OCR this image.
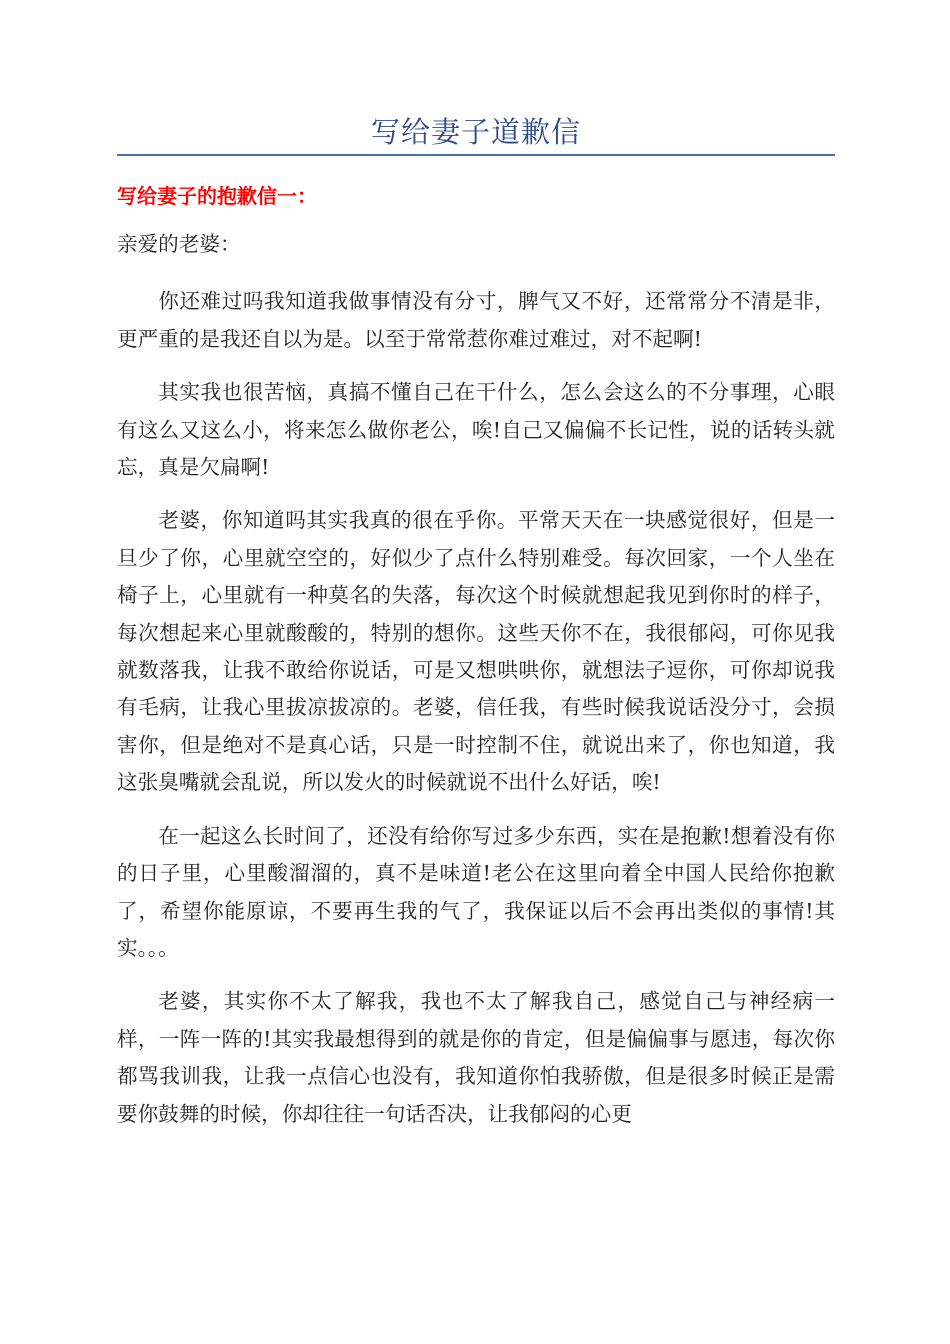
写给妻子道歉信
写给妻子的抱歉信一：

亲爱的老婆：

你还难过吗我知道我做事情没有分寸，脾气又不好，还常常分不清是非，更严重的是我还自以为是。以至于常常惹你难过难过，对不起啊!

其实我也很苦恼，真搞不懂自己在干什么，怎么会这么的不分事理，心眼有这么又这么小，将来怎么做你老公，唉!自己又偏偏不长记性，说的话转头就忘，真是欠扁啊!

老婆，你知道吗其实我真的很在乎你。平常天天在一块感觉很好，但是一旦少了你，心里就空空的，好似少了点什么特别难受。每次回家，一个人坐在椅子上，心里就有一种莫名的失落，每次这个时候就想起我见到你时的样子，每次想起来心里就酸酸的，特别的想你。这些天你不在，我很郁闷，可你见我就数落我，让我不敢给你说话，可是又想哄哄你，就想法子逗你，可你却说我有毛病，让我心里拔凉拔凉的。老婆，信任我，有些时候我说话没分寸，会损害你，但是绝对不是真心话，只是一时控制不住，就说出来了，你也知道，我这张臭嘴就会乱说，所以发火的时候就说不出什么好话，唉!

在一起这么长时间了，还没有给你写过多少东西，实在是抱歉!想着没有你的日子里，心里酸溜溜的，真不是味道!老公在这里向着全中国人民给你抱歉了，希望你能原谅，不要再生我的气了，我保证以后不会再出类似的事情!其实。。。

老婆，其实你不太了解我，我也不太了解我自己，感觉自己与神经病一样，一阵一阵的!其实我最想得到的就是你的肯定，但是偏偏事与愿违，每次你都骂我训我，让我一点信心也没有，我知道你怕我骄傲，但是很多时候正是需要你鼓舞的时候，你却往往一句话否决，让我郁闷的心更
